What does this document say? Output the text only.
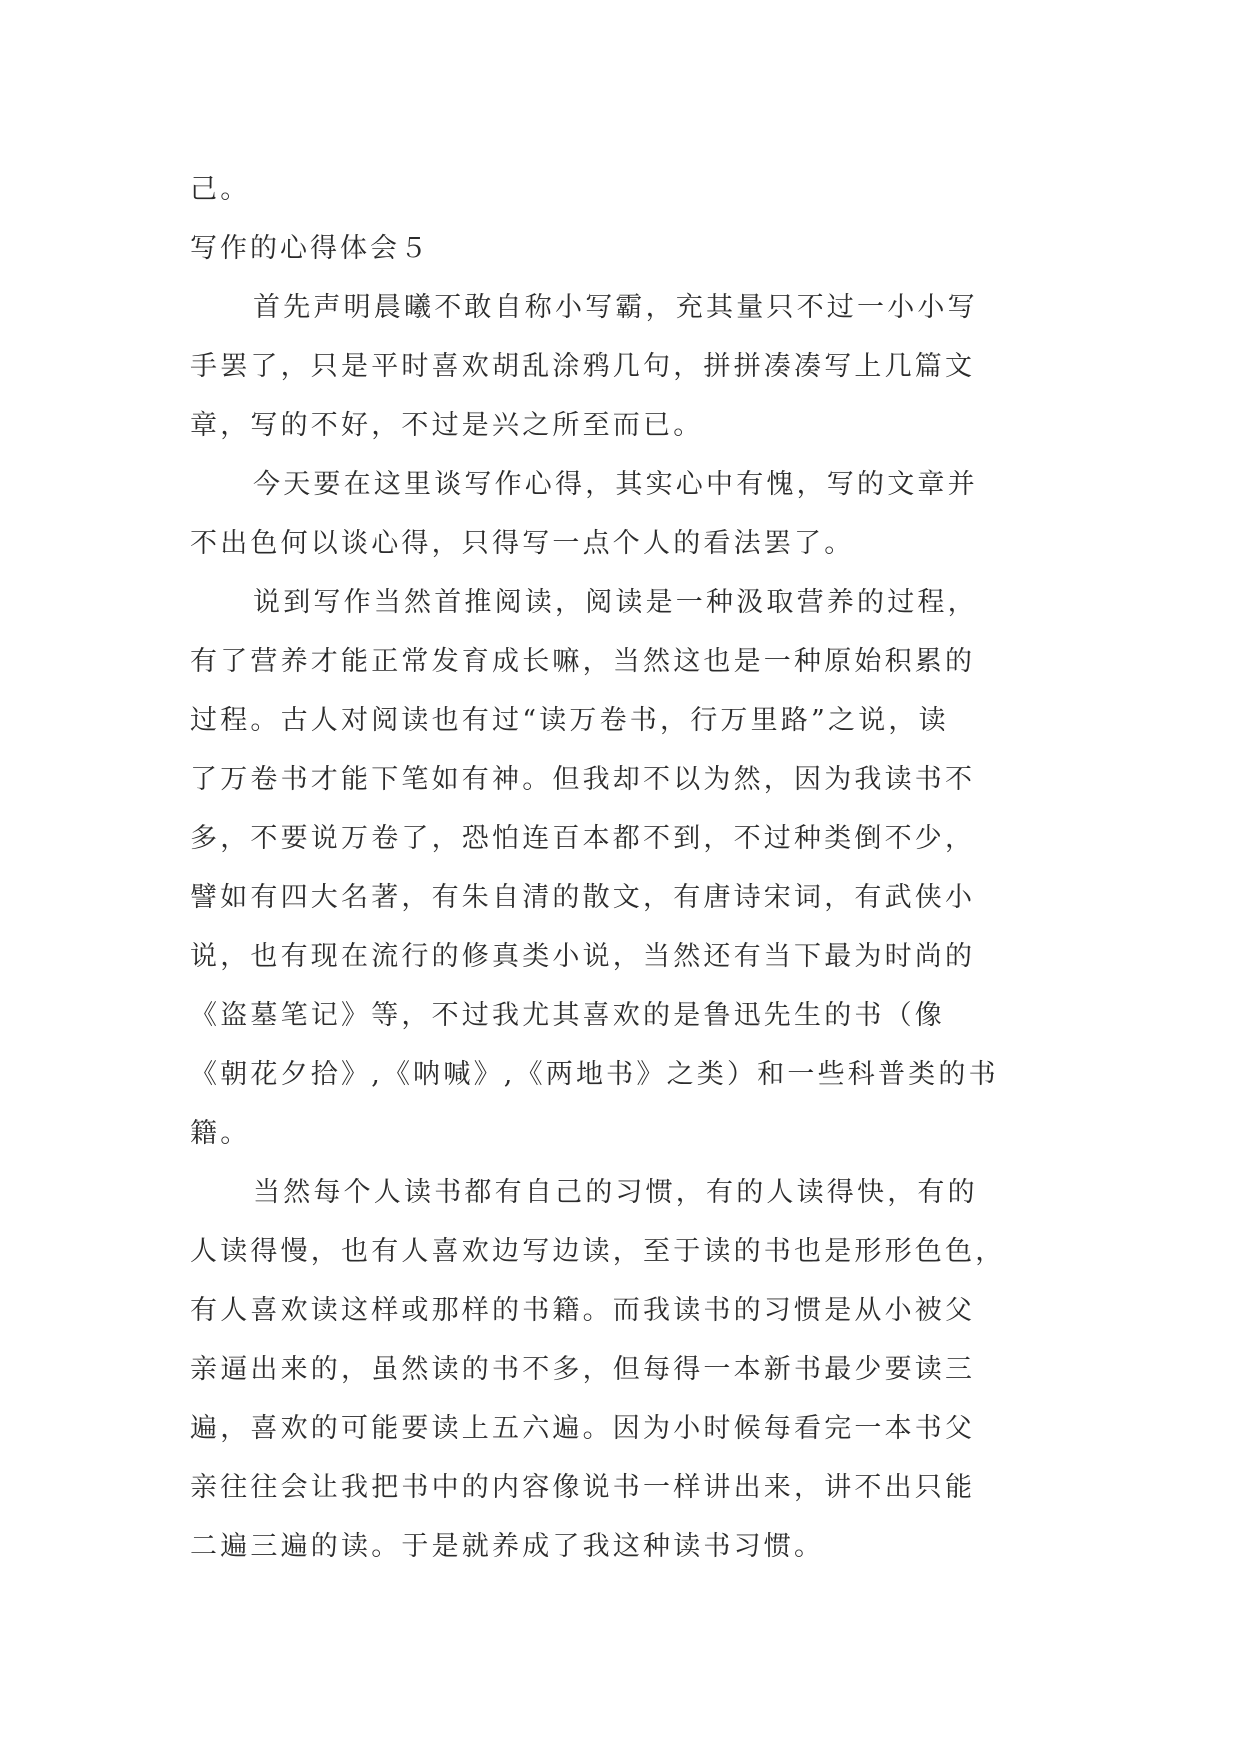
己。
写作的心得体会５
首先声明晨曦不敢自称小写霸，充其量只不过一小小写
手罢了，只是平时喜欢胡乱涂鸦几句，拼拼凑凑写上几篇文
章，写的不好，不过是兴之所至而已。
今天要在这里谈写作心得，其实心中有愧，写的文章并
不出色何以谈心得，只得写一点个人的看法罢了。
说到写作当然首推阅读，阅读是一种汲取营养的过程，
有了营养才能正常发育成长嘛，当然这也是一种原始积累的
过程。古人对阅读也有过“读万卷书，行万里路”之说，读
了万卷书才能下笔如有神。但我却不以为然，因为我读书不
多，不要说万卷了，恐怕连百本都不到，不过种类倒不少，
譬如有四大名著，有朱自清的散文，有唐诗宋词，有武侠小
说，也有现在流行的修真类小说，当然还有当下最为时尚的
《盗墓笔记》等，不过我尤其喜欢的是鲁迅先生的书（像
《朝花夕拾》,《呐喊》,《两地书》之类）和一些科普类的书
籍。
当然每个人读书都有自己的习惯，有的人读得快，有的
人读得慢，也有人喜欢边写边读，至于读的书也是形形色色，
有人喜欢读这样或那样的书籍。而我读书的习惯是从小被父
亲逼出来的，虽然读的书不多，但每得一本新书最少要读三
遍，喜欢的可能要读上五六遍。因为小时候每看完一本书父
亲往往会让我把书中的内容像说书一样讲出来，讲不出只能
二遍三遍的读。于是就养成了我这种读书习惯。
